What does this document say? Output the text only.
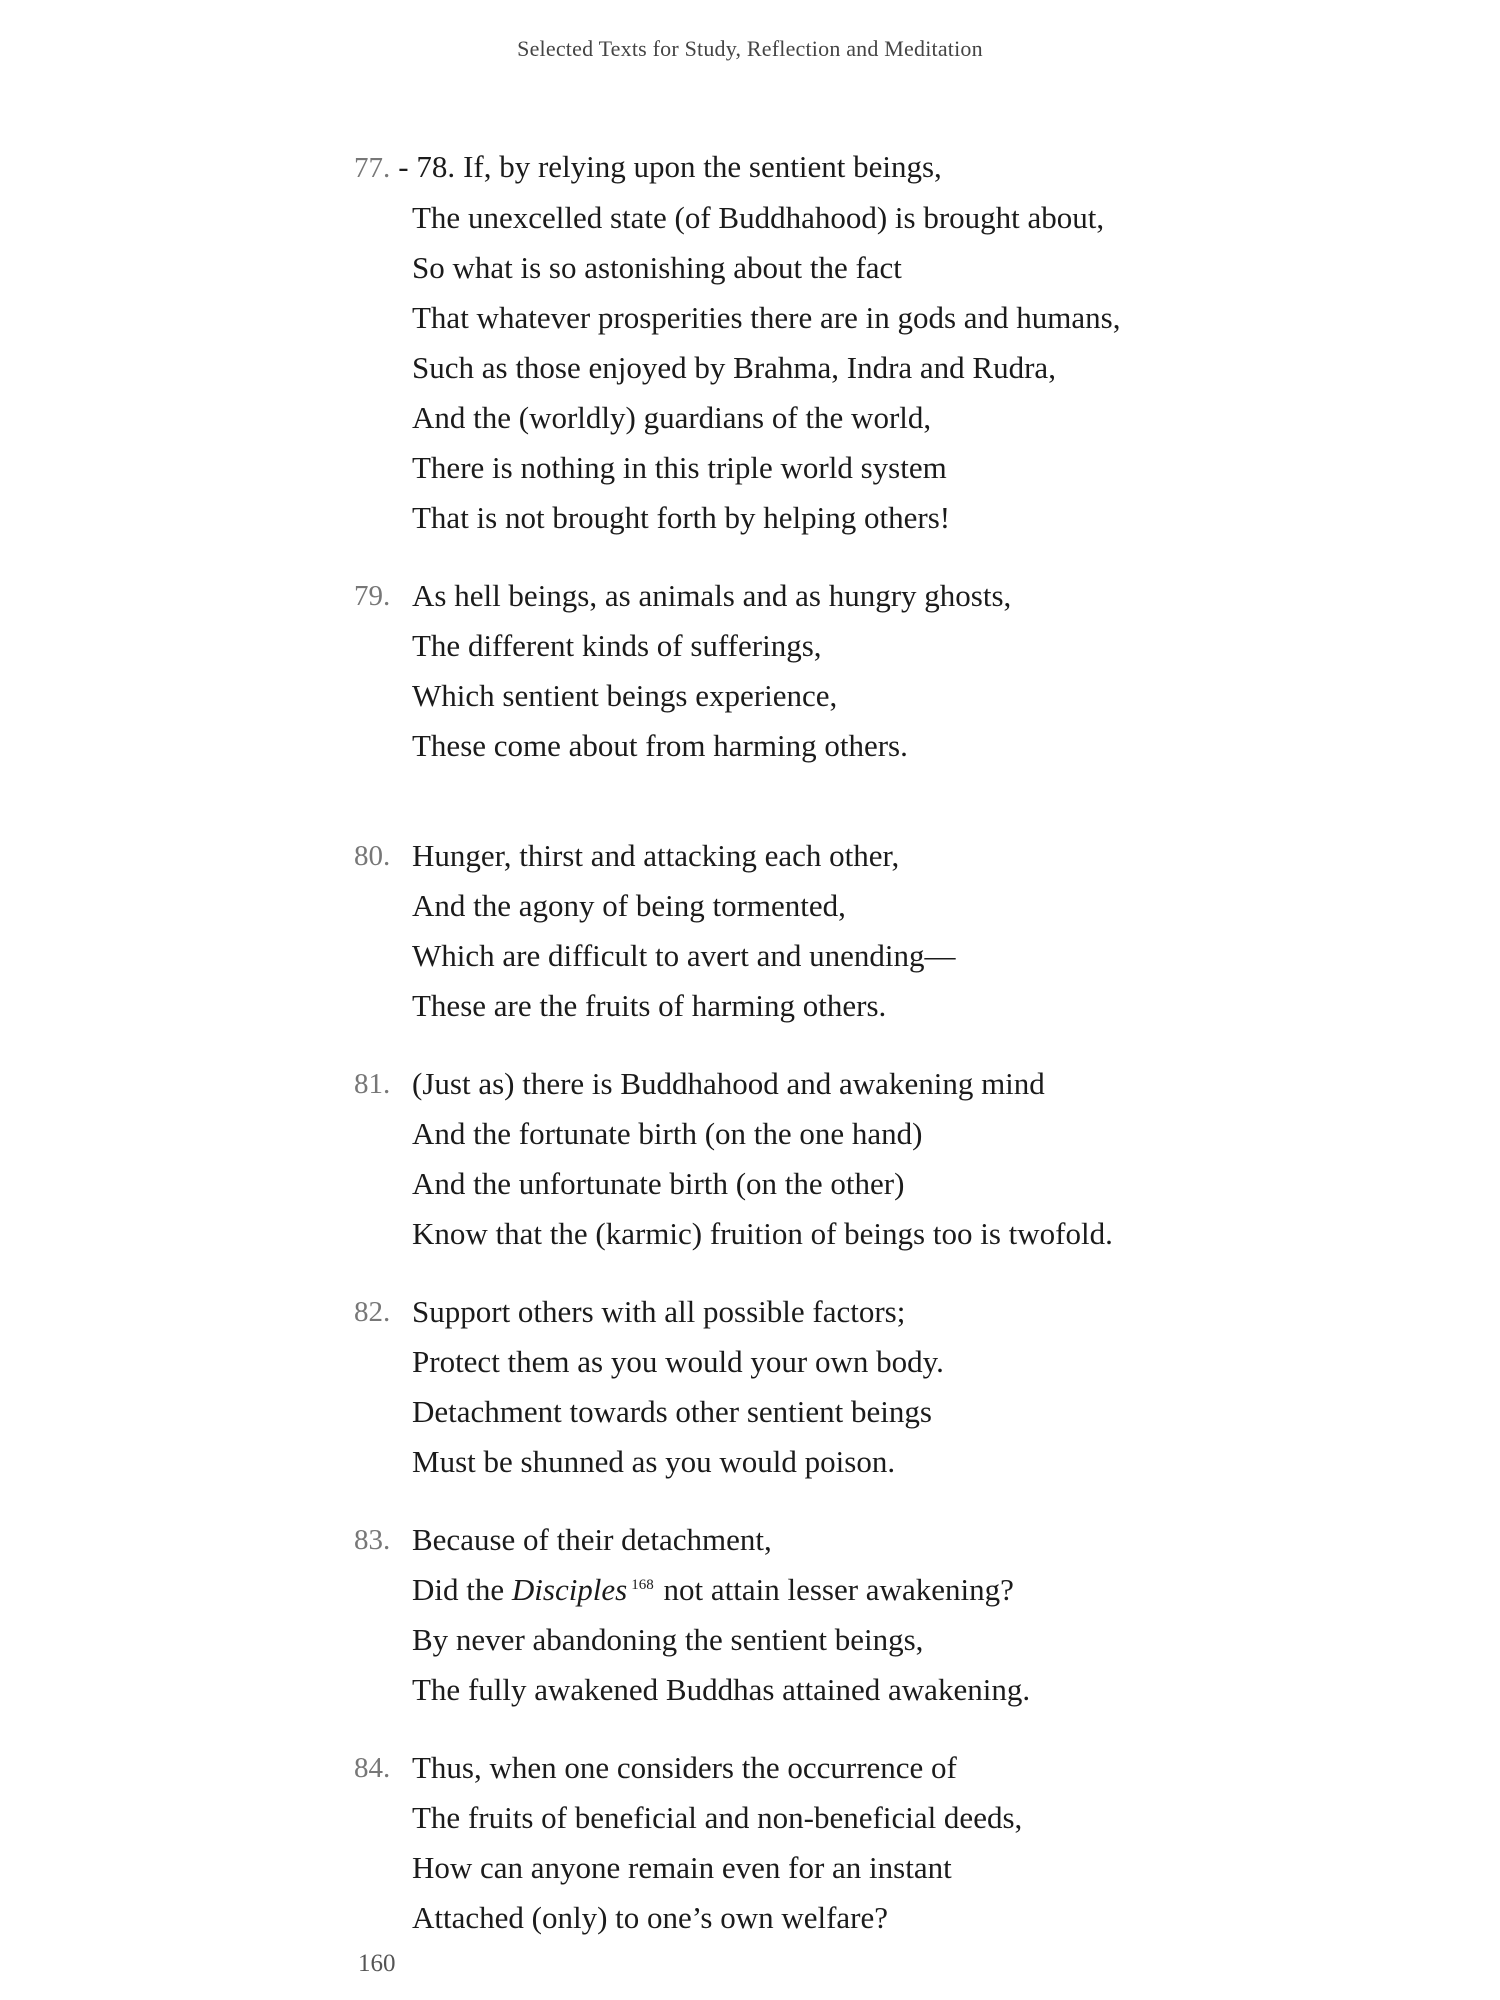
Selected Texts for Study, Reflection and Meditation
77. - 78. If, by relying upon the sentient beings,
The unexcelled state (of Buddhahood) is brought about,
So what is so astonishing about the fact
That whatever prosperities there are in gods and humans,
Such as those enjoyed by Brahma, Indra and Rudra,
And the (worldly) guardians of the world,
There is nothing in this triple world system
That is not brought forth by helping others!
79. As hell beings, as animals and as hungry ghosts,
The different kinds of sufferings,
Which sentient beings experience,
These come about from harming others.
80. Hunger, thirst and attacking each other,
And the agony of being tormented,
Which are difficult to avert and unending—
These are the fruits of harming others.
81. (Just as) there is Buddhahood and awakening mind
And the fortunate birth (on the one hand)
And the unfortunate birth (on the other)
Know that the (karmic) fruition of beings too is twofold.
82. Support others with all possible factors;
Protect them as you would your own body.
Detachment towards other sentient beings
Must be shunned as you would poison.
83. Because of their detachment,
Did the Disciples $^{168}$ not attain lesser awakening?
By never abandoning the sentient beings,
The fully awakened Buddhas attained awakening.
84. Thus, when one considers the occurrence of
The fruits of beneficial and non-beneficial deeds,
How can anyone remain even for an instant
Attached (only) to one’s own welfare?
160
